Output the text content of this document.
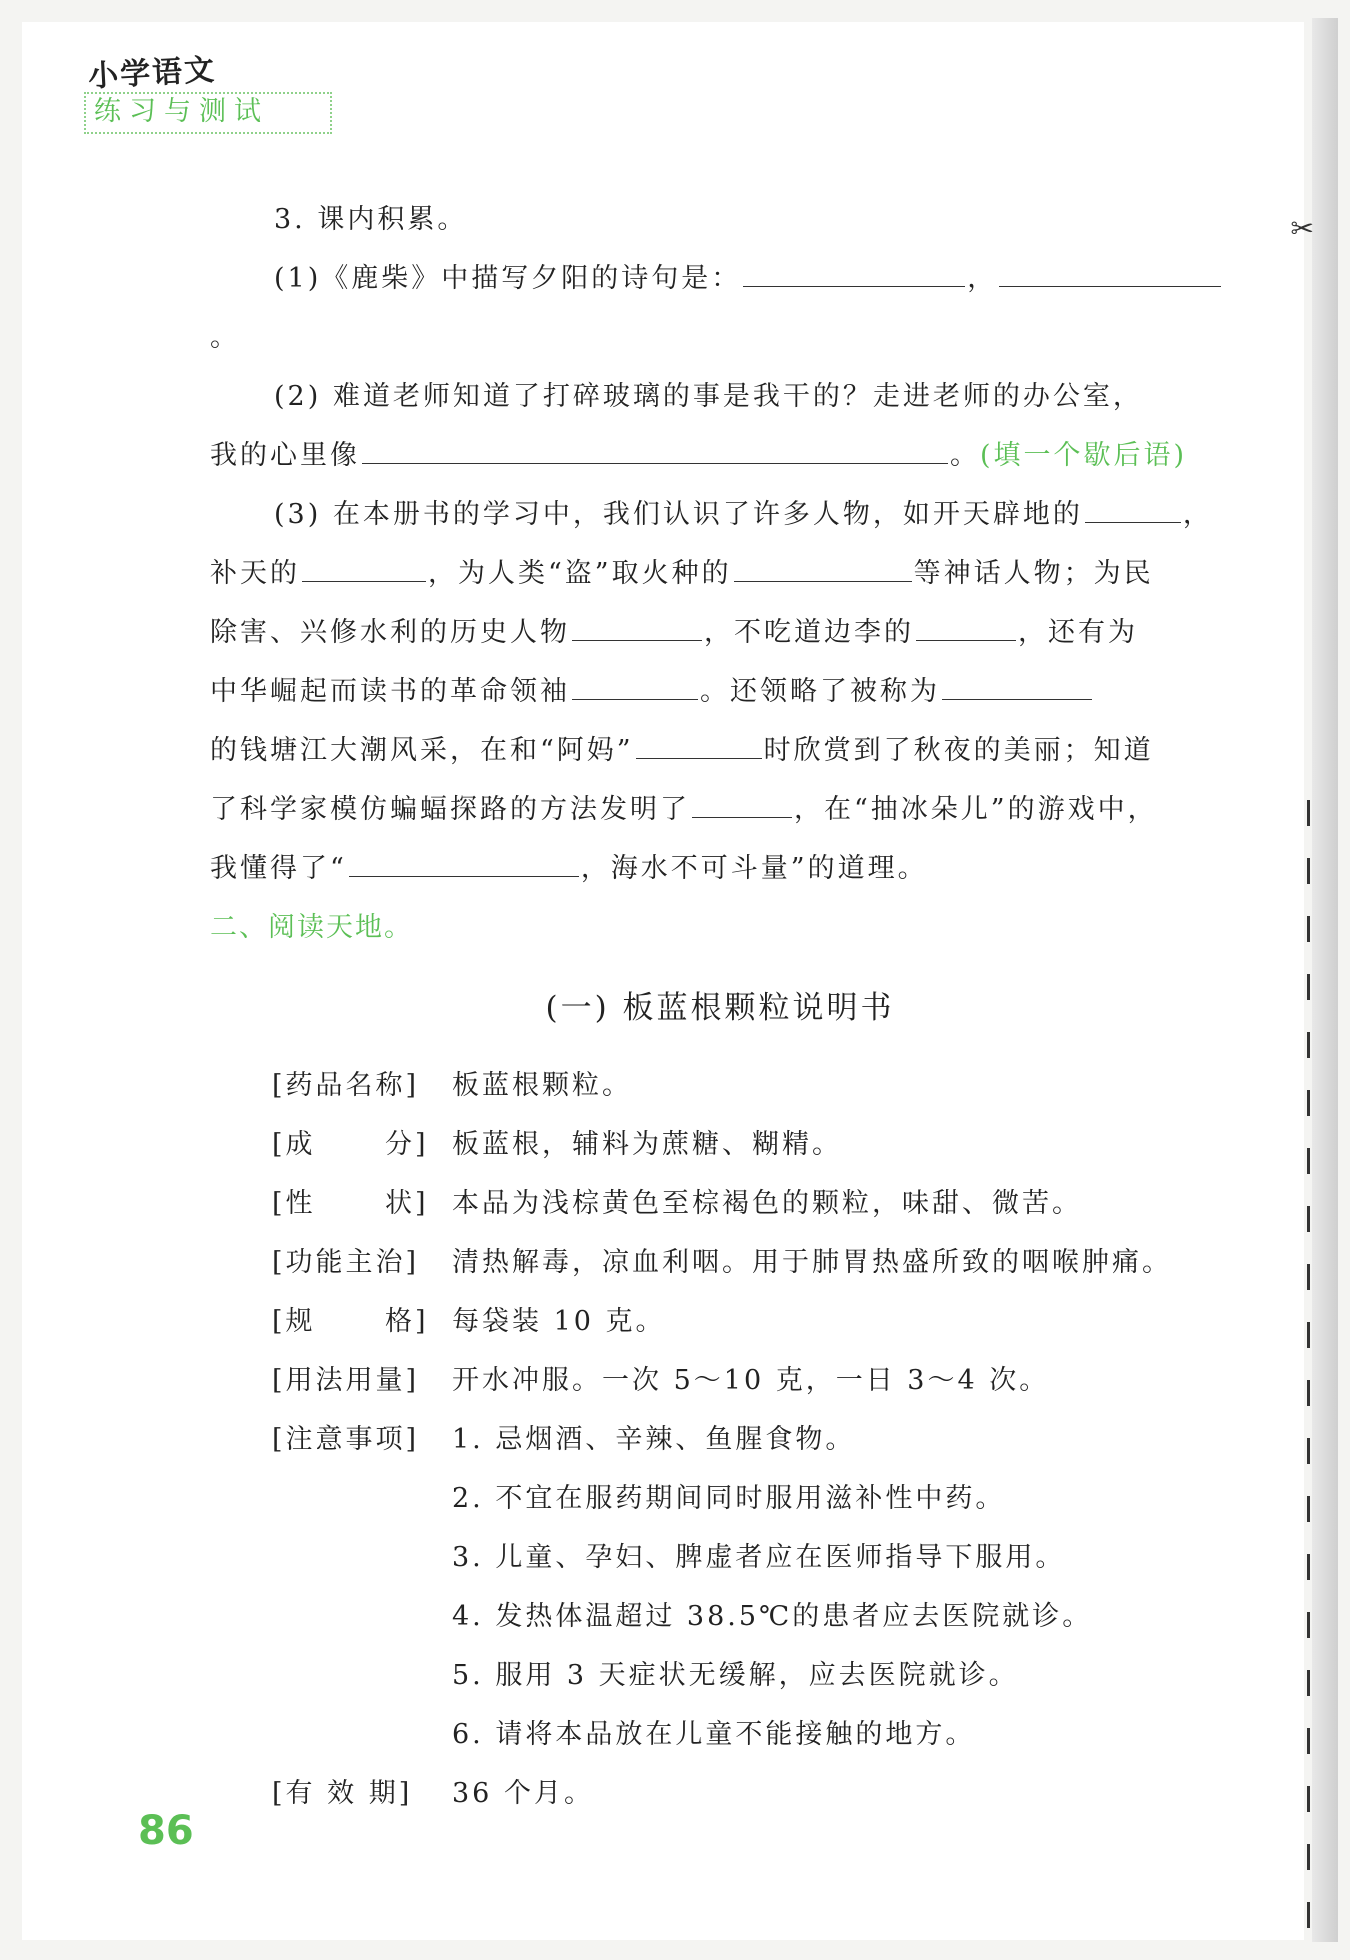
✂
小学语文
练习与测试

3. 课内积累。

(1)《鹿柴》中描写夕阳的诗句是：	，。

(2) 难道老师知道了打碎玻璃的事是我干的？走进老师的办公室，

我的心里像	。(填一个歇后语)

(3) 在本册书的学习中，我们认识了许多人物，如开天辟地的	，

补天的	，为人类“盗”取火种的	等神话人物；为民

除害、兴修水利的历史人物	，不吃道边李的	，还有为

中华崛起而读书的革命领袖	。还领略了被称为

的钱塘江大潮风采，在和“阿妈”	时欣赏到了秋夜的美丽；知道

了科学家模仿蝙蝠探路的方法发明了	，在“抽冰朵儿”的游戏中，

我懂得了“	，海水不可斗量”的道理。

二、阅读天地。

(一) 板蓝根颗粒说明书

[药品名称]	板蓝根颗粒。
[成      分] 板蓝根，辅料为蔗糖、糊精。
[性      状] 本品为浅棕黄色至棕褐色的颗粒，味甜、微苦。
[功能主治]	清热解毒，凉血利咽。用于肺胃热盛所致的咽喉肿痛。
[规      格] 每袋装 10 克。
[用法用量]	开水冲服。一次 5～10 克，一日 3～4 次。
[注意事项]	1. 忌烟酒、辛辣、鱼腥食物。
2. 不宜在服药期间同时服用滋补性中药。
3. 儿童、孕妇、脾虚者应在医师指导下服用。
4. 发热体温超过 38.5℃的患者应去医院就诊。
5. 服用 3 天症状无缓解，应去医院就诊。
6. 请将本品放在儿童不能接触的地方。
[有 效 期]	36 个月。
86
